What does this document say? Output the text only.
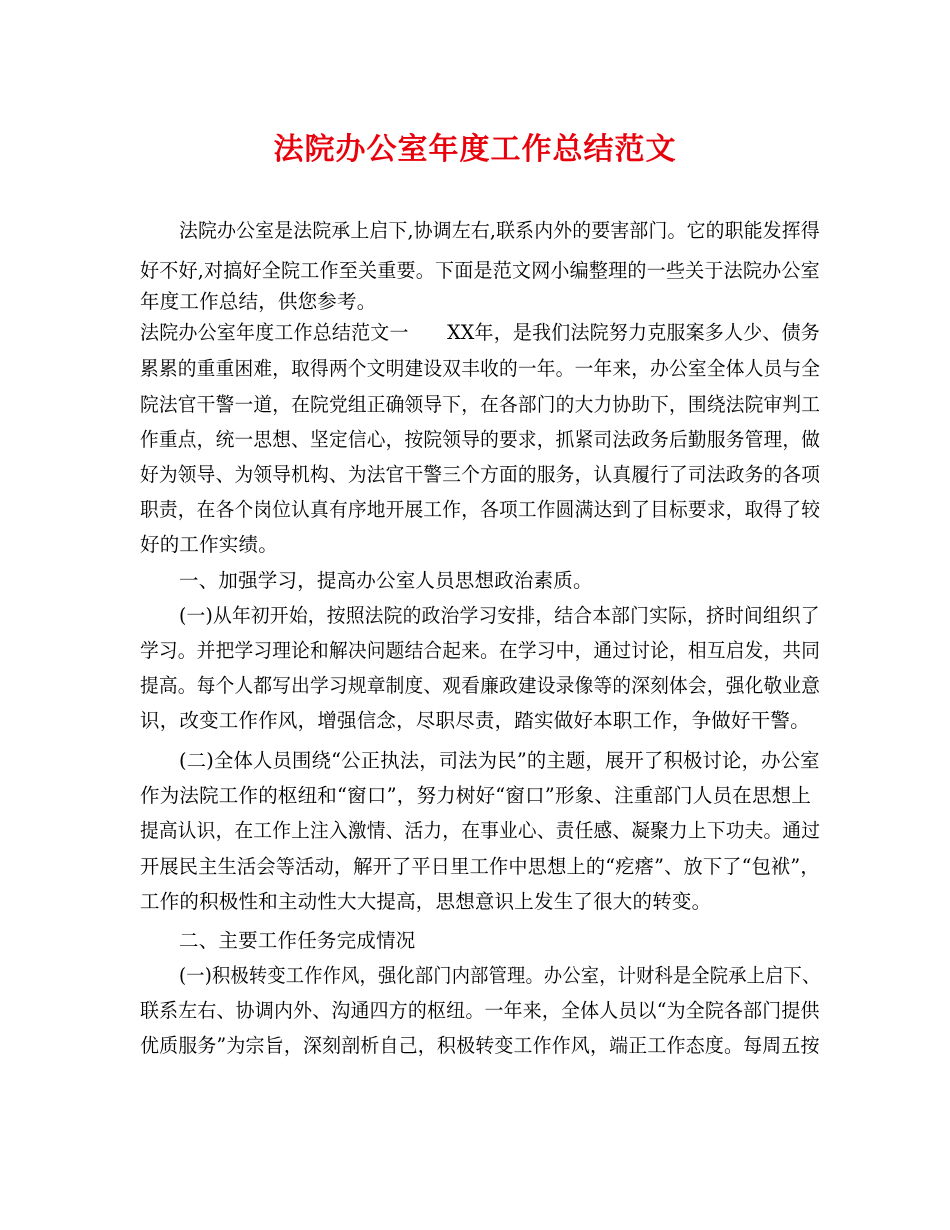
法院办公室年度工作总结范文
法院办公室是法院承上启下,协调左右,联系内外的要害部门。它的职能发挥得
好不好,对搞好全院工作至关重要。下面是范文网小编整理的一些关于法院办公室
年度工作总结，供您参考。
法院办公室年度工作总结范文一　　XX年，是我们法院努力克服案多人少、债务
累累的重重困难，取得两个文明建设双丰收的一年。一年来，办公室全体人员与全
院法官干警一道，在院党组正确领导下，在各部门的大力协助下，围绕法院审判工
作重点，统一思想、坚定信心，按院领导的要求，抓紧司法政务后勤服务管理，做
好为领导、为领导机构、为法官干警三个方面的服务，认真履行了司法政务的各项
职责，在各个岗位认真有序地开展工作，各项工作圆满达到了目标要求，取得了较
好的工作实绩。
一、加强学习，提高办公室人员思想政治素质。
(一)从年初开始，按照法院的政治学习安排，结合本部门实际，挤时间组织了
学习。并把学习理论和解决问题结合起来。在学习中，通过讨论，相互启发，共同
提高。每个人都写出学习规章制度、观看廉政建设录像等的深刻体会，强化敬业意
识，改变工作作风，增强信念，尽职尽责，踏实做好本职工作，争做好干警。
(二)全体人员围绕“公正执法，司法为民”的主题，展开了积极讨论，办公室
作为法院工作的枢纽和“窗口”，努力树好“窗口”形象、注重部门人员在思想上
提高认识，在工作上注入激情、活力，在事业心、责任感、凝聚力上下功夫。通过
开展民主生活会等活动，解开了平日里工作中思想上的“疙瘩”、放下了“包袱”，
工作的积极性和主动性大大提高，思想意识上发生了很大的转变。
二、主要工作任务完成情况
(一)积极转变工作作风，强化部门内部管理。办公室，计财科是全院承上启下、
联系左右、协调内外、沟通四方的枢纽。一年来，全体人员以“为全院各部门提供
优质服务”为宗旨，深刻剖析自己，积极转变工作作风，端正工作态度。每周五按
